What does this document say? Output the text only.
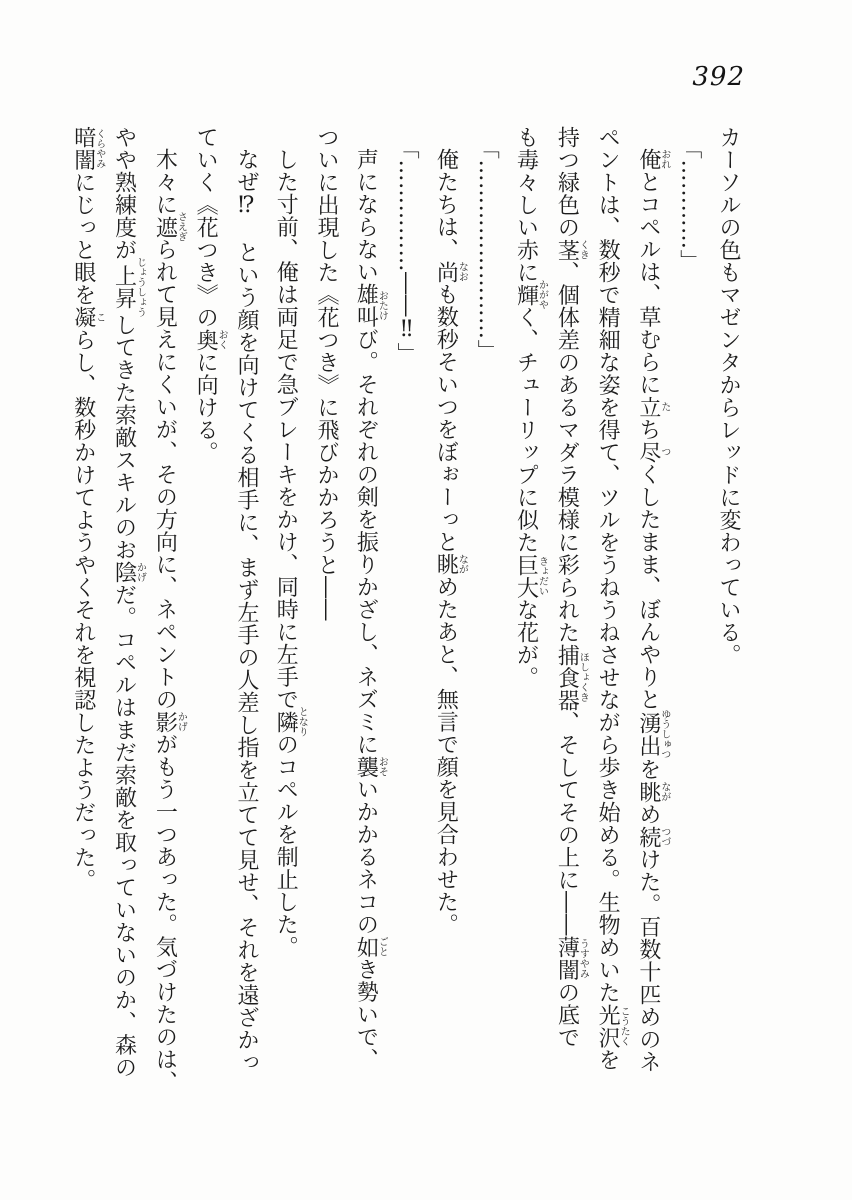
392

カーソルの色もマゼンタからレッドに変わっている。

「…………」

俺おれとコペルは、草むらに立たち尽つくしたまま、ぼんやりと湧出ゆうしゅつを眺ながめ続つづけた。百数十匹めのネ

ペントは、数秒で精細な姿を得て、ツルをうねうねさせながら歩き始める。生物めいた光沢こうたくを

持つ緑色の茎くき、個体差のあるマダラ模様に彩られた捕食器ほしょくき、そしてその上に――薄闇うすやみの底で

も毒々しい赤に輝かがやく、チューリップに似た巨大きょだいな花が。

「……………………」

俺たちは、尚なおも数秒そいつをぼぉーっと眺ながめたあと、無言で顔を見合わせた。

「……………――‼」

声にならない雄叫おたけび。それぞれの剣を振りかざし、ネズミに襲おそいかかるネコの如ごとき勢いで、

ついに出現した《花つき》に飛びかかろうと――

した寸前、俺は両足で急ブレーキをかけ、同時に左手で隣となりのコペルを制止した。

なぜ⁉　という顔を向けてくる相手に、まず左手の人差し指を立てて見せ、それを遠ざかっ

ていく《花つき》の奥おくに向ける。

木々に遮さえぎられて見えにくいが、その方向に、ネペントの影かげがもう一つあった。気づけたのは、

やや熟練度が上昇じょうしょうしてきた索敵スキルのお陰かげだ。コペルはまだ索敵を取っていないのか、森の

暗闇くらやみにじっと眼を凝こらし、数秒かけてようやくそれを視認したようだった。
